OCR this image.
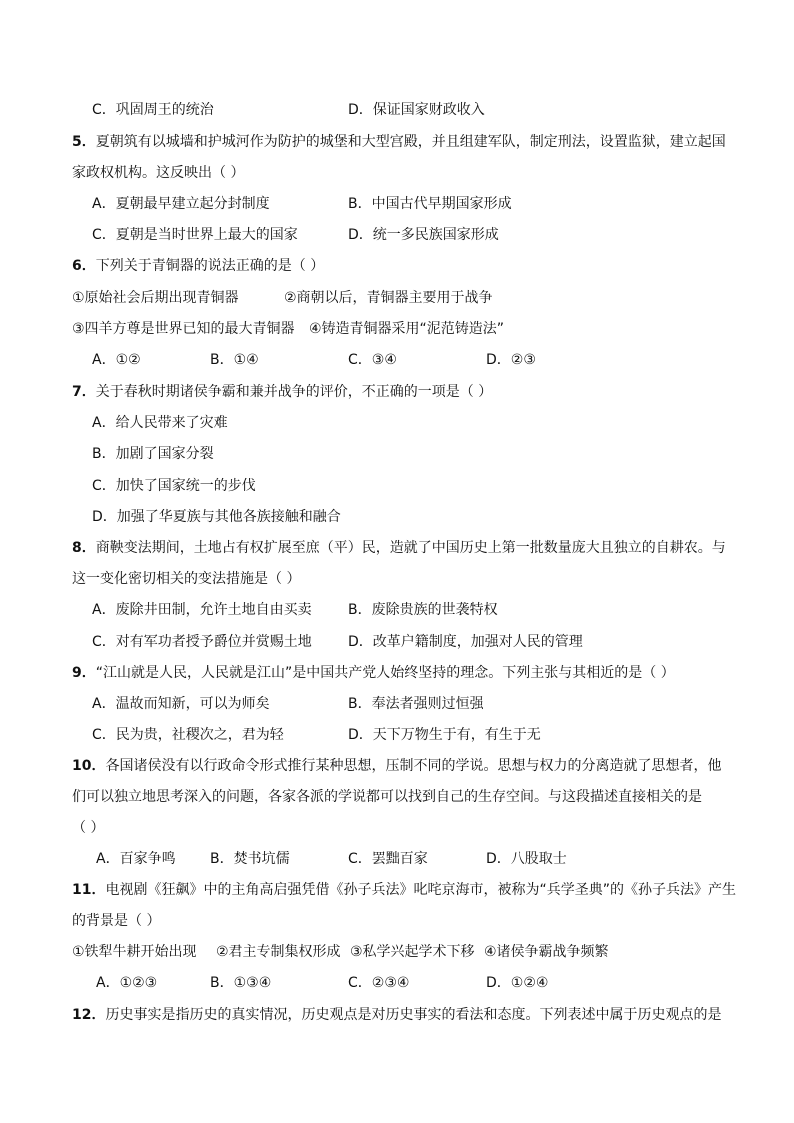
C．巩固周王的统治	D．保证国家财政收入
5．夏朝筑有以城墙和护城河作为防护的城堡和大型宫殿，并且组建军队，制定刑法，设置监狱，建立起国
家政权机构。这反映出（ ）
A．夏朝最早建立起分封制度	B．中国古代早期国家形成
C．夏朝是当时世界上最大的国家	D．统一多民族国家形成
6．下列关于青铜器的说法正确的是（ ）
①原始社会后期出现青铜器	②商朝以后，青铜器主要用于战争
③四羊方尊是世界已知的最大青铜器 ④铸造青铜器采用“泥范铸造法”
A．①②	B．①④	C．③④	D．②③
7．关于春秋时期诸侯争霸和兼并战争的评价，不正确的一项是（ ）
A．给人民带来了灾难
B．加剧了国家分裂
C．加快了国家统一的步伐
D．加强了华夏族与其他各族接触和融合
8．商鞅变法期间，土地占有权扩展至庶（平）民，造就了中国历史上第一批数量庞大且独立的自耕农。与
这一变化密切相关的变法措施是（ ）
A．废除井田制，允许土地自由买卖	B．废除贵族的世袭特权
C．对有军功者授予爵位并赏赐土地	D．改革户籍制度，加强对人民的管理
9．“江山就是人民，人民就是江山”是中国共产党人始终坚持的理念。下列主张与其相近的是（ ）
A．温故而知新，可以为师矣	B．奉法者强则过恒强
C．民为贵，社稷次之，君为轻	D．天下万物生于有，有生于无
10．各国诸侯没有以行政命令形式推行某种思想，压制不同的学说。思想与权力的分离造就了思想者，他
们可以独立地思考深入的问题，各家各派的学说都可以找到自己的生存空间。与这段描述直接相关的是
（ ）
A．百家争鸣 B．焚书坑儒	C．罢黜百家	D．八股取士
11．电视剧《狂飙》中的主角高启强凭借《孙子兵法》叱咤京海市，被称为“兵学圣典”的《孙子兵法》产生
的背景是（ ）
①铁犁牛耕开始出现 ②君主专制集权形成 ③私学兴起学术下移 ④诸侯争霸战争频繁
A．①②③	B．①③④	C．②③④	D．①②④
12．历史事实是指历史的真实情况，历史观点是对历史事实的看法和态度。下列表述中属于历史观点的是
